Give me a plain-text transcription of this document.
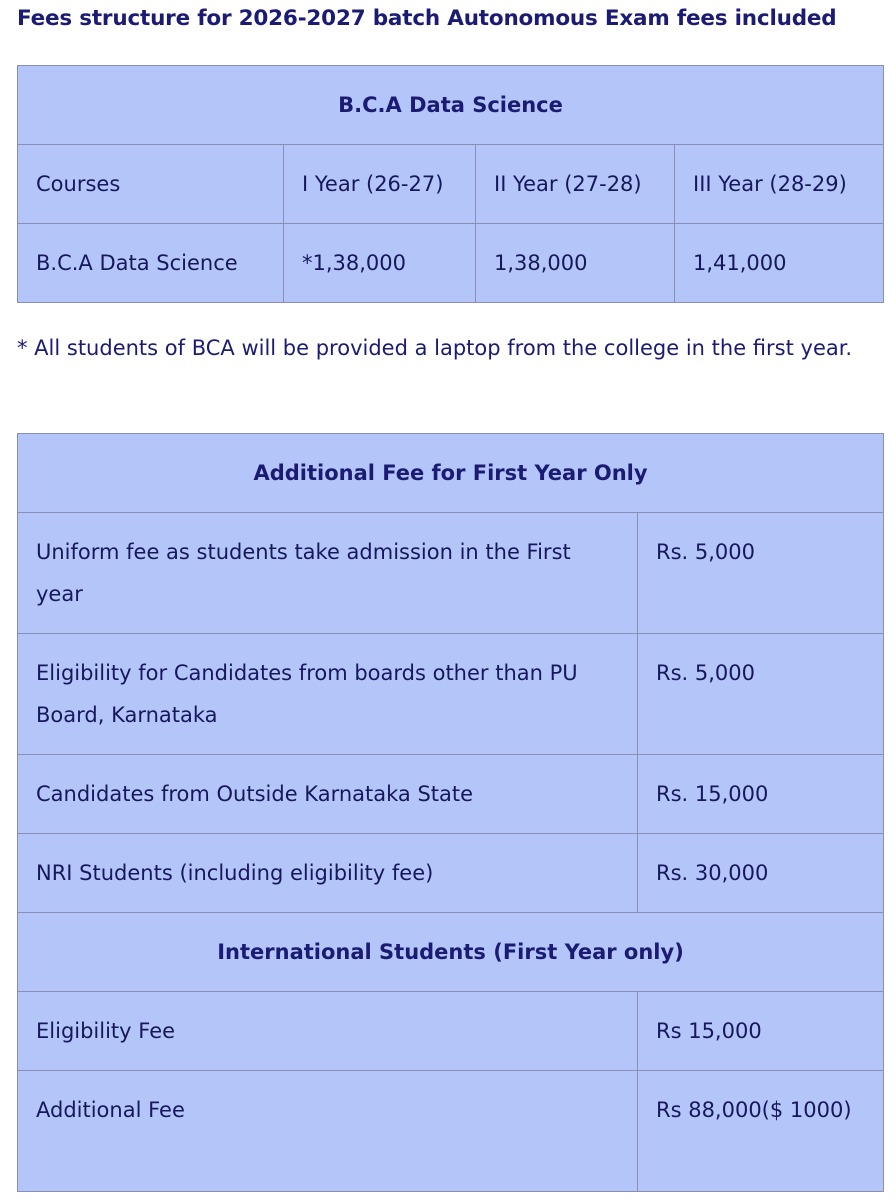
Fees structure for 2026-2027 batch Autonomous Exam fees included
B.C.A Data Science			
Courses	I Year (26-27)	II Year (27-28)	III Year (28-29)
B.C.A Data Science	*1,38,000	1,38,000	1,41,000
* All students of BCA will be provided a laptop from the college in the first year.
Additional Fee for First Year Only	
Uniform fee as students take admission in the First year	Rs. 5,000
Eligibility for Candidates from boards other than PU Board, Karnataka	Rs. 5,000
Candidates from Outside Karnataka State	Rs. 15,000
NRI Students (including eligibility fee)	Rs. 30,000
International Students (First Year only)	
Eligibility Fee	Rs 15,000
Additional Fee	Rs 88,000($ 1000)
